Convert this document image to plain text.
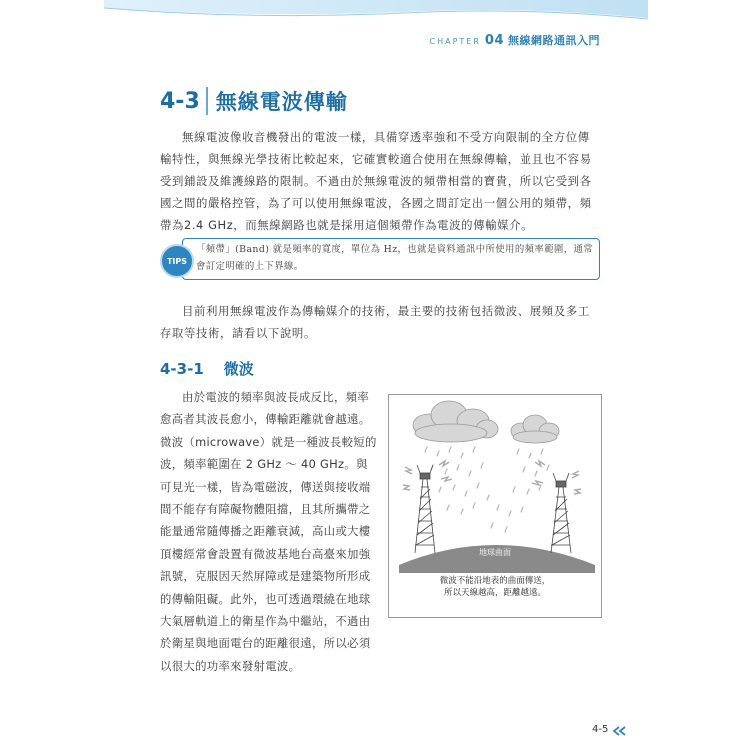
CHAPTER 04 無線網路通訊入門
4-3 無線電波傳輸
無線電波像收音機發出的電波一樣，具備穿透率強和不受方向限制的全方位傳輸特性，與無線光學技術比較起來，它確實較適合使用在無線傳輸，並且也不容易受到鋪設及維護線路的限制。不過由於無線電波的頻帶相當的寶貴，所以它受到各國之間的嚴格控管，為了可以使用無線電波，各國之間訂定出一個公用的頻帶，頻帶為2.4 GHz，而無線網路也就是採用這個頻帶作為電波的傳輸媒介。
TIPS
「頻帶」(Band) 就是頻率的寬度，單位為 Hz，也就是資料通訊中所使用的頻率範圍，通常會訂定明確的上下界線。
目前利用無線電波作為傳輸媒介的技術，最主要的技術包括微波、展頻及多工存取等技術，請看以下說明。
4-3-1 微波
由於電波的頻率與波長成反比，頻率愈高者其波長愈小，傳輸距離就會越遠。微波（microwave）就是一種波長較短的波，頻率範圍在 2 GHz ～ 40 GHz。與可見光一樣，皆為電磁波，傳送與接收端間不能存有障礙物體阻擋，且其所攜帶之能量通常隨傳播之距離衰減，高山或大樓頂樓經常會設置有微波基地台高臺來加強訊號，克服因天然屏障或是建築物所形成的傳輸阻礙。此外，也可透過環繞在地球大氣層軌道上的衛星作為中繼站，不過由於衛星與地面電台的距離很遠，所以必須以很大的功率來發射電波。
地球曲面
微波不能沿地表的曲面傳送，
所以天線越高，距離越遠。
4-5
